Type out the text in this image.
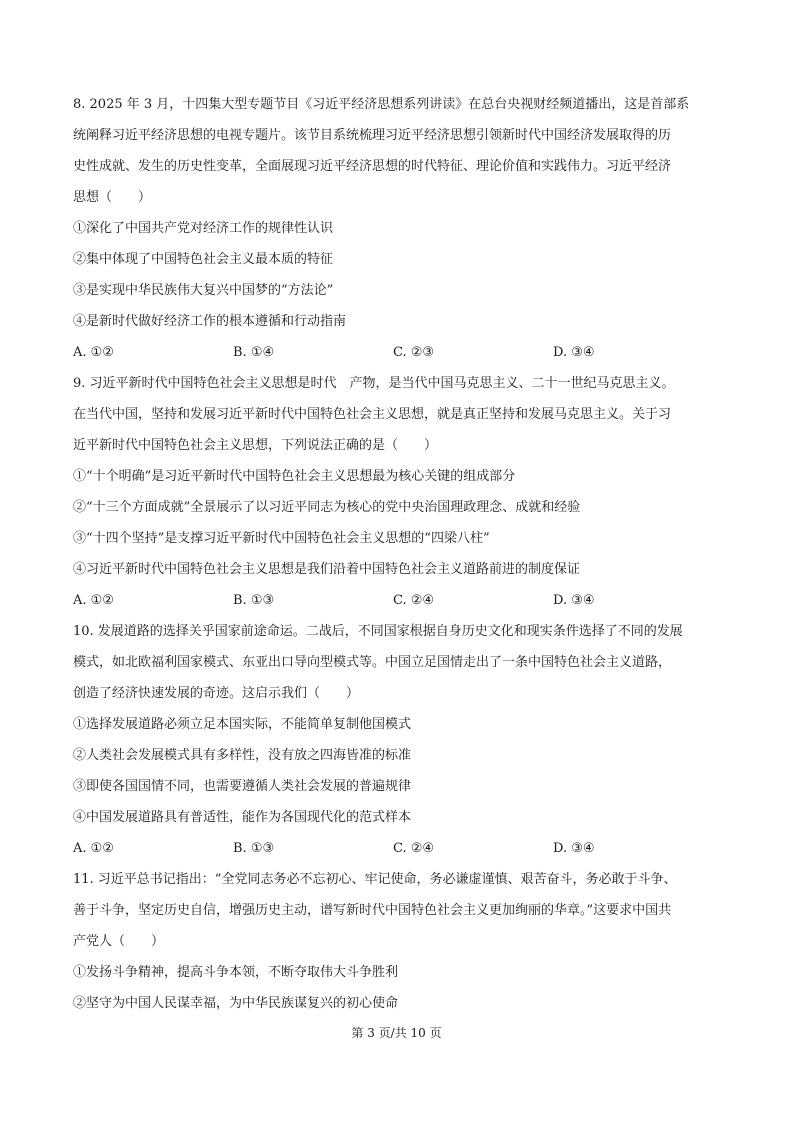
8. 2025 年 3 月，十四集大型专题节目《习近平经济思想系列讲读》在总台央视财经频道播出，这是首部系
统阐释习近平经济思想的电视专题片。该节目系统梳理习近平经济思想引领新时代中国经济发展取得的历
史性成就、发生的历史性变革，全面展现习近平经济思想的时代特征、理论价值和实践伟力。习近平经济
思想（　　）
①深化了中国共产党对经济工作的规律性认识
②集中体现了中国特色社会主义最本质的特征
③是实现中华民族伟大复兴中国梦的“方法论”
④是新时代做好经济工作的根本遵循和行动指南
A. ①②	B. ①④	C. ②③	D. ③④
9. 习近平新时代中国特色社会主义思想是时代　产物，是当代中国马克思主义、二十一世纪马克思主义。
在当代中国，坚持和发展习近平新时代中国特色社会主义思想，就是真正坚持和发展马克思主义。关于习
近平新时代中国特色社会主义思想，下列说法正确的是（　　）
①“十个明确”是习近平新时代中国特色社会主义思想最为核心关键的组成部分
②“十三个方面成就”全景展示了以习近平同志为核心的党中央治国理政理念、成就和经验
③“十四个坚持”是支撑习近平新时代中国特色社会主义思想的“四梁八柱”
④习近平新时代中国特色社会主义思想是我们沿着中国特色社会主义道路前进的制度保证
A. ①②	B. ①③	C. ②④	D. ③④
10. 发展道路的选择关乎国家前途命运。二战后，不同国家根据自身历史文化和现实条件选择了不同的发展
模式，如北欧福利国家模式、东亚出口导向型模式等。中国立足国情走出了一条中国特色社会主义道路，
创造了经济快速发展的奇迹。这启示我们（　　）
①选择发展道路必须立足本国实际，不能简单复制他国模式
②人类社会发展模式具有多样性，没有放之四海皆准的标准
③即使各国国情不同，也需要遵循人类社会发展的普遍规律
④中国发展道路具有普适性，能作为各国现代化的范式样本
A. ①②	B. ①③	C. ②④	D. ③④
11. 习近平总书记指出：“全党同志务必不忘初心、牢记使命，务必谦虚谨慎、艰苦奋斗，务必敢于斗争、
善于斗争，坚定历史自信，增强历史主动，谱写新时代中国特色社会主义更加绚丽的华章。”这要求中国共
产党人（　　）
①发扬斗争精神，提高斗争本领，不断夺取伟大斗争胜利
②坚守为中国人民谋幸福，为中华民族谋复兴的初心使命
第 3 页/共 10 页
